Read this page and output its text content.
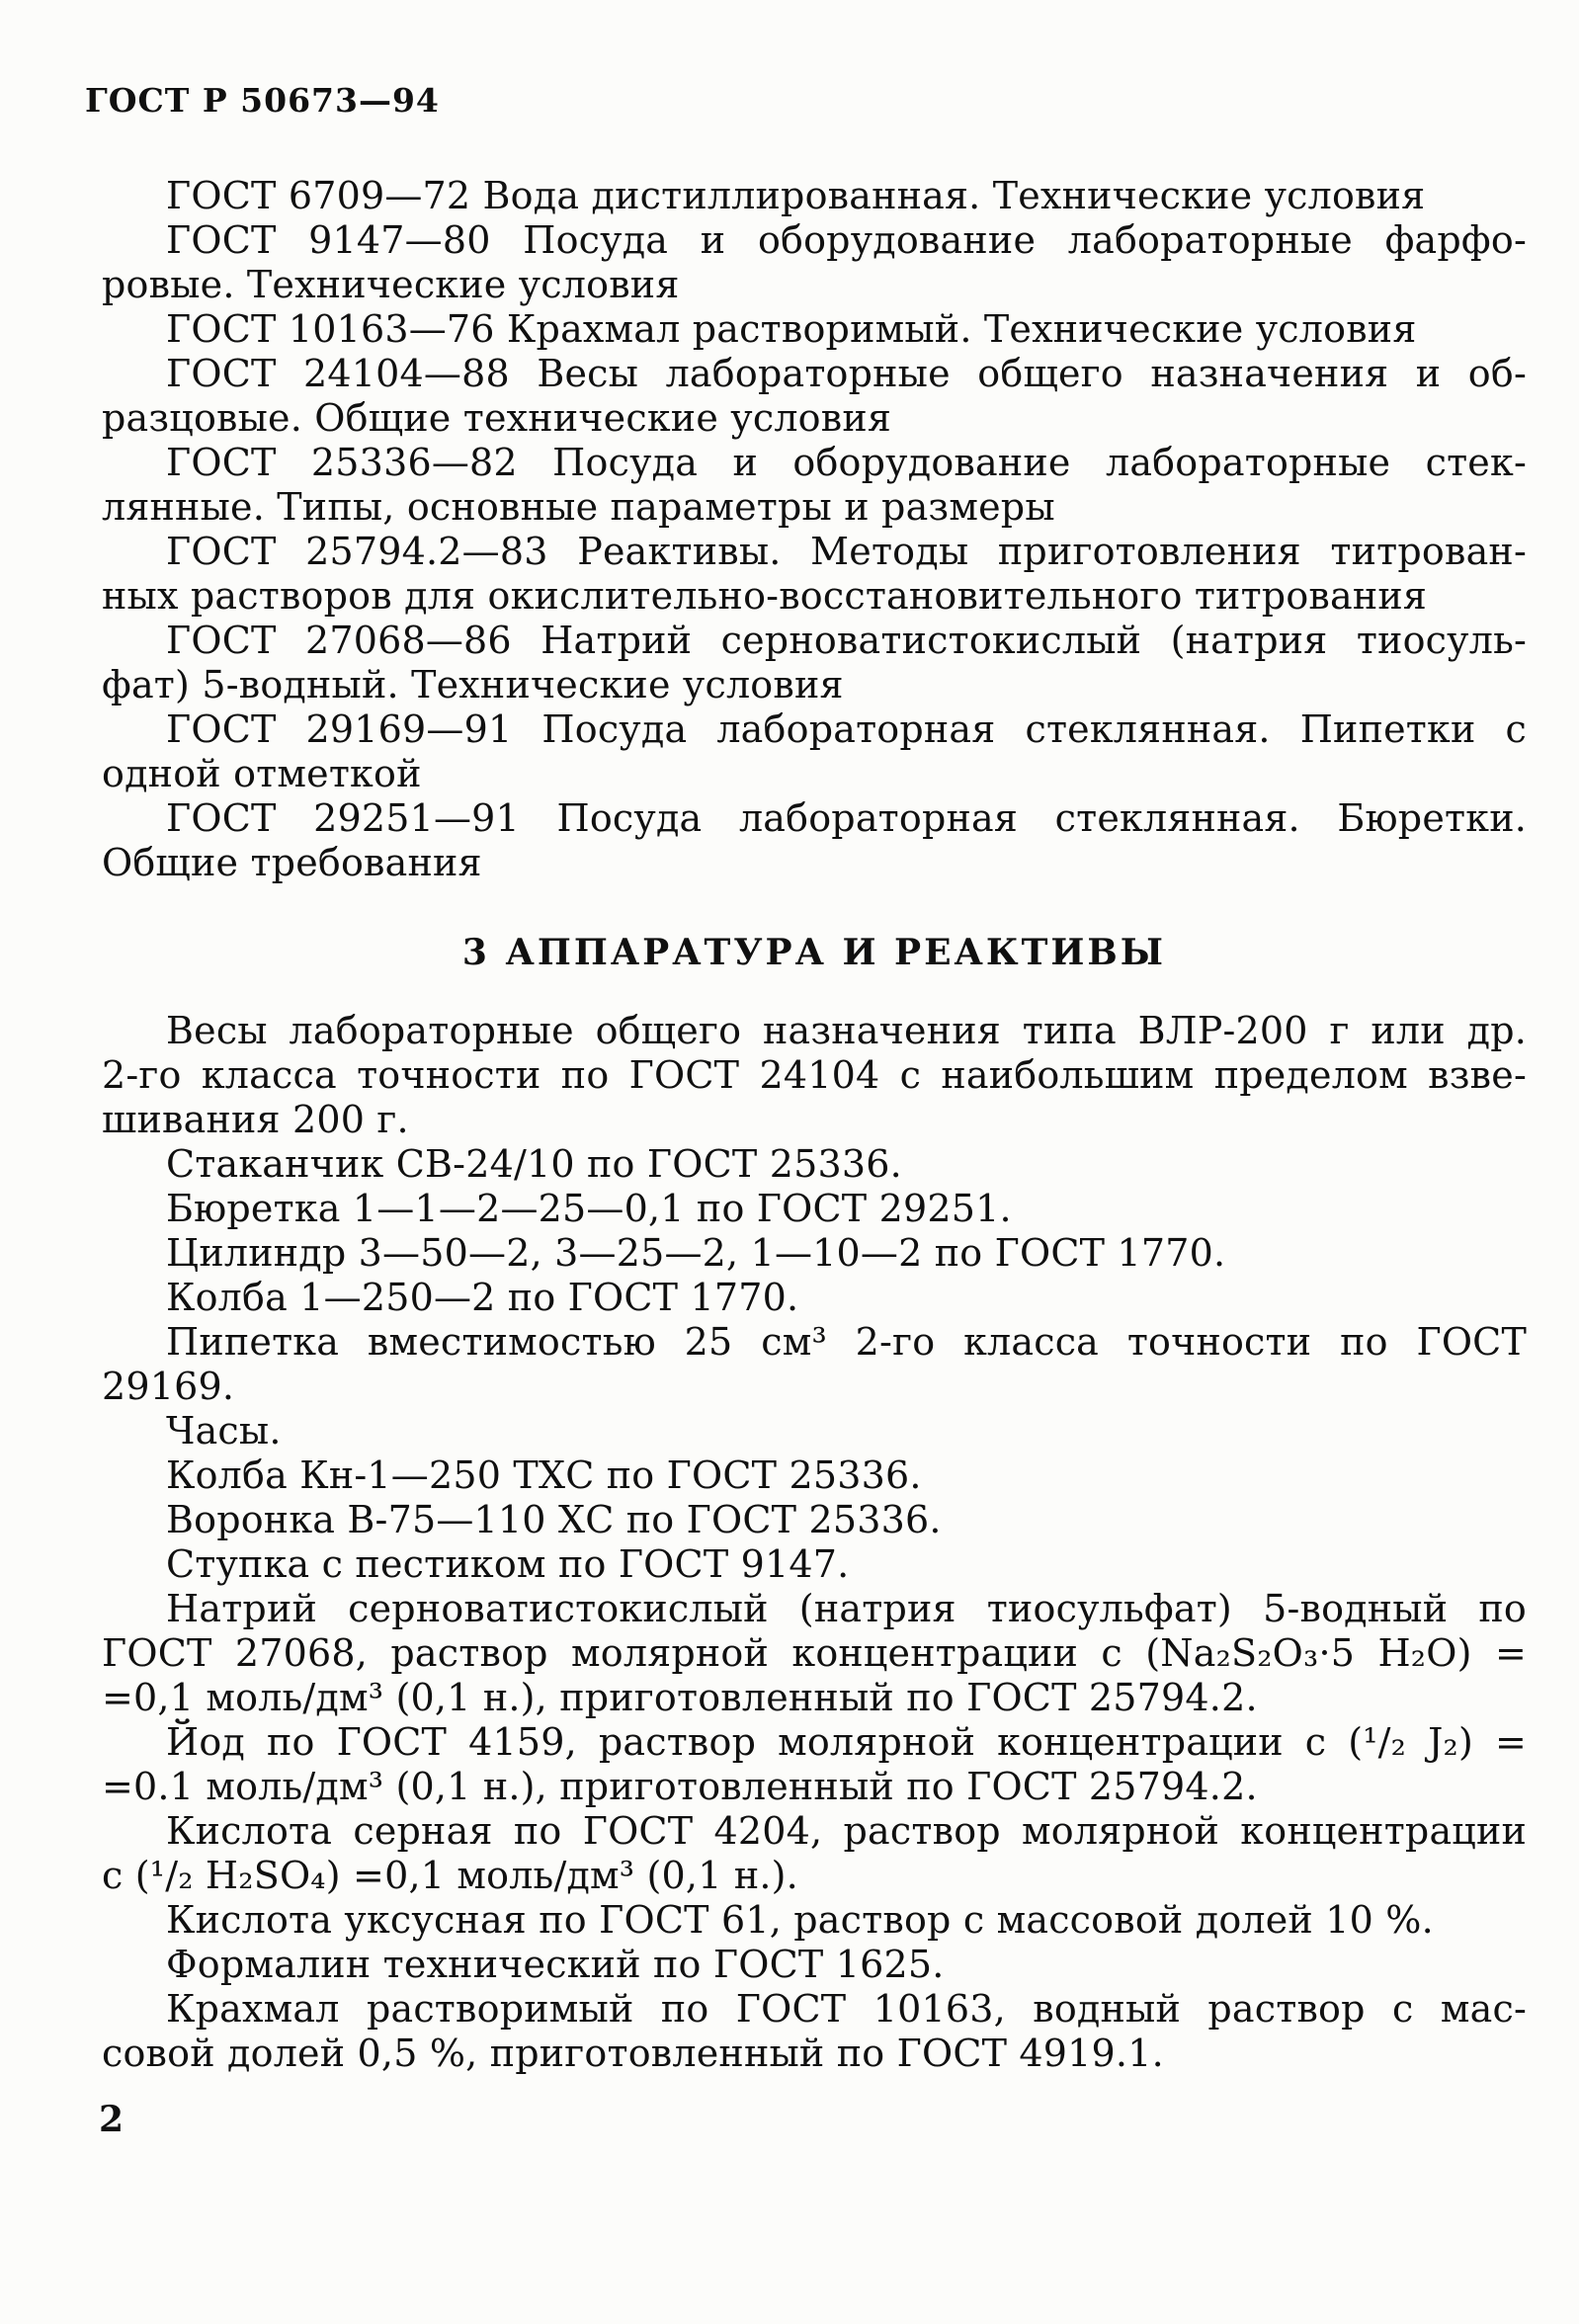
ГОСТ Р 50673—94

ГОСТ 6709—72 Вода дистиллированная. Технические условия

ГОСТ 9147—80 Посуда и оборудование лабораторные фарфо-
ровые. Технические условия

ГОСТ 10163—76 Крахмал растворимый. Технические условия

ГОСТ 24104—88 Весы лабораторные общего назначения и об-
разцовые. Общие технические условия

ГОСТ 25336—82 Посуда и оборудование лабораторные стек-
лянные. Типы, основные параметры и размеры

ГОСТ 25794.2—83 Реактивы. Методы приготовления титрован-
ных растворов для окислительно-восстановительного титрования

ГОСТ 27068—86 Натрий серноватистокислый (натрия тиосуль-
фат) 5-водный. Технические условия

ГОСТ 29169—91 Посуда лабораторная стеклянная. Пипетки с
одной отметкой

ГОСТ 29251—91 Посуда лабораторная стеклянная. Бюретки.
Общие требования

3 АППАРАТУРА И РЕАКТИВЫ

Весы лабораторные общего назначения типа ВЛР-200 г или др.
2-го класса точности по ГОСТ 24104 с наибольшим пределом взве-
шивания 200 г.

Стаканчик СВ-24/10 по ГОСТ 25336.

Бюретка 1—1—2—25—0,1 по ГОСТ 29251.

Цилиндр 3—50—2, 3—25—2, 1—10—2 по ГОСТ 1770.

Колба 1—250—2 по ГОСТ 1770.

Пипетка вместимостью 25 см³ 2-го класса точности по ГОСТ
29169.

Часы.

Колба Кн-1—250 ТХС по ГОСТ 25336.

Воронка В-75—110 ХС по ГОСТ 25336.

Ступка с пестиком по ГОСТ 9147.

Натрий серноватистокислый (натрия тиосульфат) 5-водный по
ГОСТ 27068, раствор молярной концентрации с (Na₂S₂O₃·5 H₂O) =
=0,1 моль/дм³ (0,1 н.), приготовленный по ГОСТ 25794.2.

Йод по ГОСТ 4159, раствор молярной концентрации с (¹/₂ J₂) =
=0.1 моль/дм³ (0,1 н.), приготовленный по ГОСТ 25794.2.

Кислота серная по ГОСТ 4204, раствор молярной концентрации
с (¹/₂ H₂SO₄) =0,1 моль/дм³ (0,1 н.).

Кислота уксусная по ГОСТ 61, раствор с массовой долей 10 %.

Формалин технический по ГОСТ 1625.

Крахмал растворимый по ГОСТ 10163, водный раствор с мас-
совой долей 0,5 %, приготовленный по ГОСТ 4919.1.

2
